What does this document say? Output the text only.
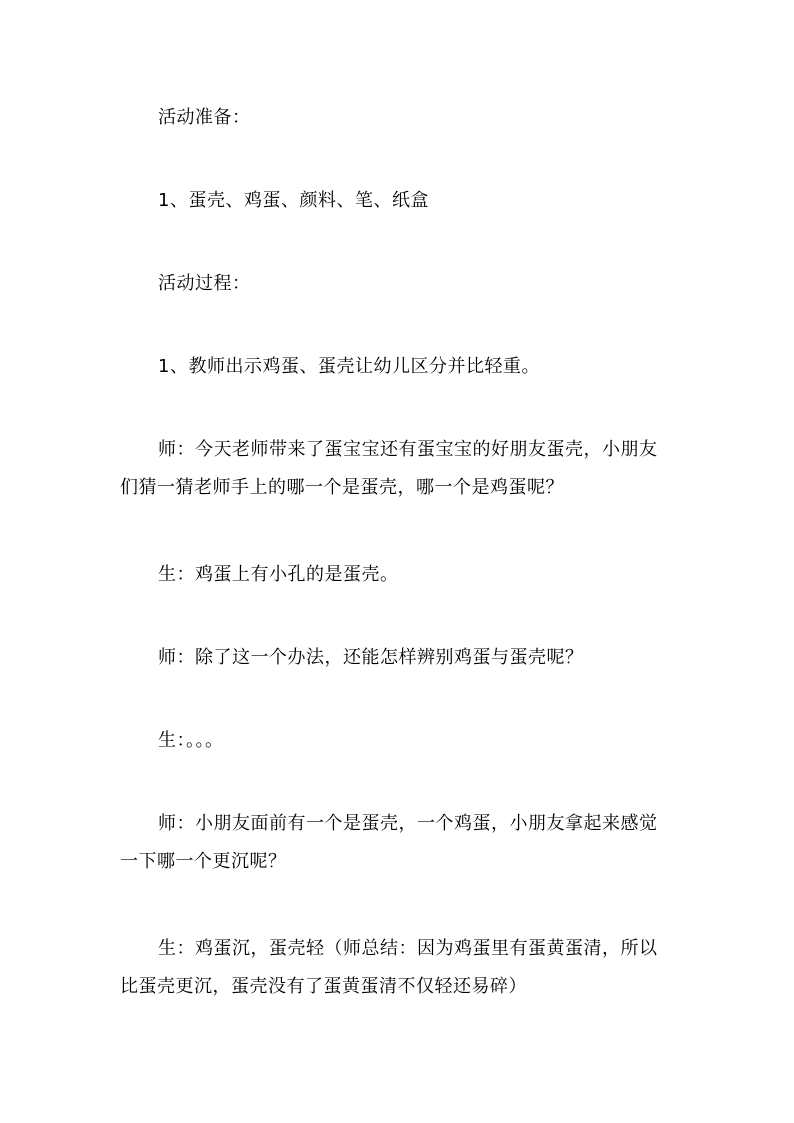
活动准备：

1、蛋壳、鸡蛋、颜料、笔、纸盒

活动过程：

1、教师出示鸡蛋、蛋壳让幼儿区分并比轻重。

师：今天老师带来了蛋宝宝还有蛋宝宝的好朋友蛋壳，小朋友
们猜一猜老师手上的哪一个是蛋壳，哪一个是鸡蛋呢？

生：鸡蛋上有小孔的是蛋壳。

师：除了这一个办法，还能怎样辨别鸡蛋与蛋壳呢？

生：。。。

师：小朋友面前有一个是蛋壳，一个鸡蛋，小朋友拿起来感觉
一下哪一个更沉呢？

生：鸡蛋沉，蛋壳轻（师总结：因为鸡蛋里有蛋黄蛋清，所以
比蛋壳更沉，蛋壳没有了蛋黄蛋清不仅轻还易碎）
